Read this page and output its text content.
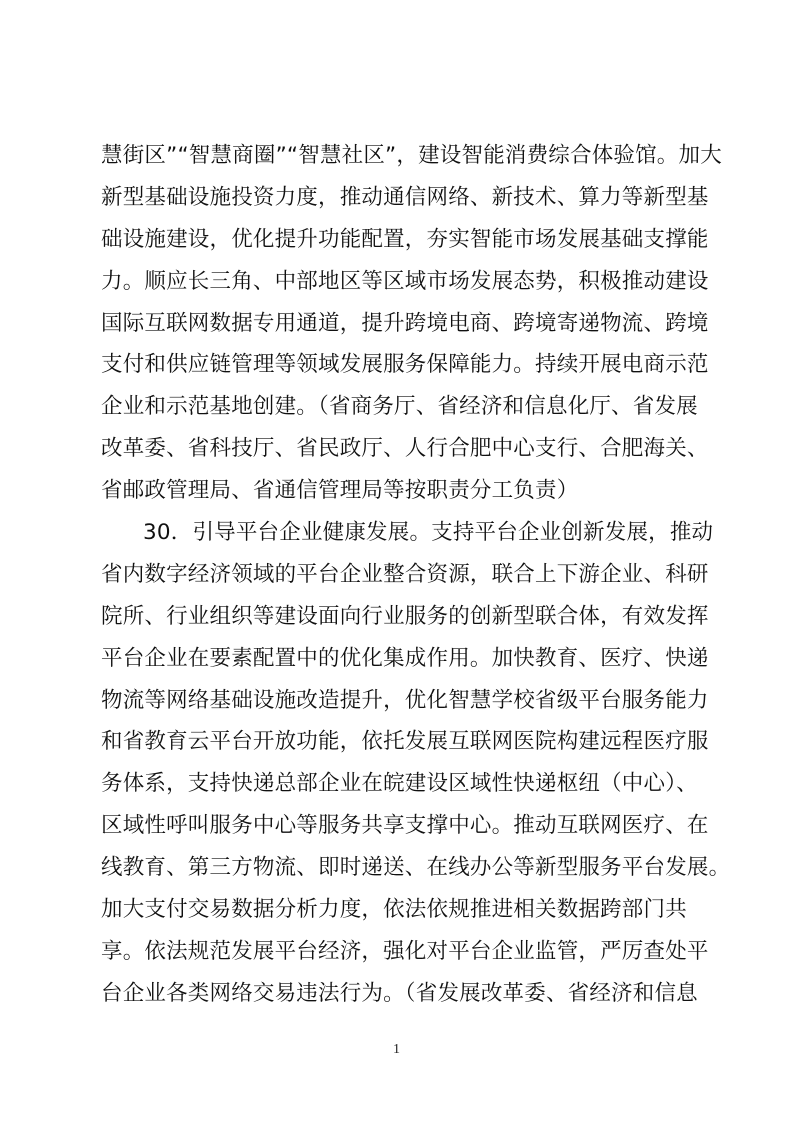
慧街区”“智慧商圈”“智慧社区”，建设智能消费综合体验馆。加大
新型基础设施投资力度，推动通信网络、新技术、算力等新型基
础设施建设，优化提升功能配置，夯实智能市场发展基础支撑能
力。顺应长三角、中部地区等区域市场发展态势，积极推动建设
国际互联网数据专用通道，提升跨境电商、跨境寄递物流、跨境
支付和供应链管理等领域发展服务保障能力。持续开展电商示范
企业和示范基地创建。（省商务厅、省经济和信息化厅、省发展
改革委、省科技厅、省民政厅、人行合肥中心支行、合肥海关、
省邮政管理局、省通信管理局等按职责分工负责）
30．引导平台企业健康发展。支持平台企业创新发展，推动
省内数字经济领域的平台企业整合资源，联合上下游企业、科研
院所、行业组织等建设面向行业服务的创新型联合体，有效发挥
平台企业在要素配置中的优化集成作用。加快教育、医疗、快递
物流等网络基础设施改造提升，优化智慧学校省级平台服务能力
和省教育云平台开放功能，依托发展互联网医院构建远程医疗服
务体系，支持快递总部企业在皖建设区域性快递枢纽（中心）、
区域性呼叫服务中心等服务共享支撑中心。推动互联网医疗、在
线教育、第三方物流、即时递送、在线办公等新型服务平台发展。
加大支付交易数据分析力度，依法依规推进相关数据跨部门共
享。依法规范发展平台经济，强化对平台企业监管，严厉查处平
台企业各类网络交易违法行为。（省发展改革委、省经济和信息
1
